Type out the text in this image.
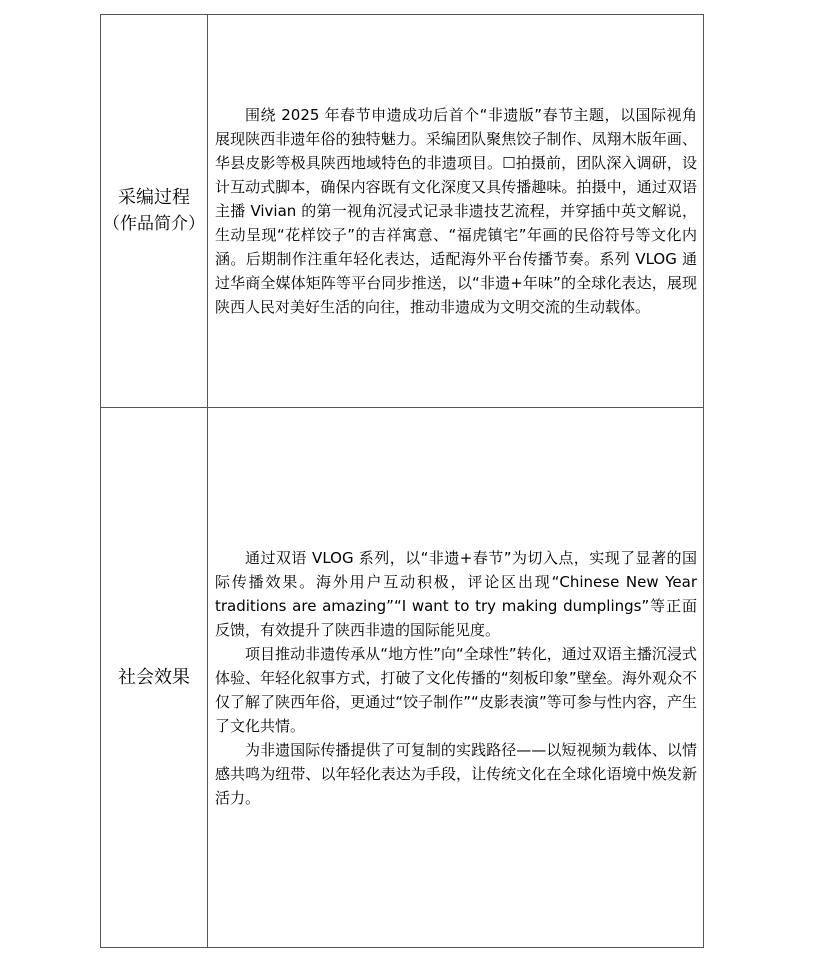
采编过程
（作品简介）	围绕 2025 年春节申遗成功后首个“非遗版”春节主题，以国际视角展现陕西非遗年俗的独特魅力。采编团队聚焦饺子制作、凤翔木版年画、华县皮影等极具陕西地域特色的非遗项目。☐拍摄前，团队深入调研，设计互动式脚本，确保内容既有文化深度又具传播趣味。拍摄中，通过双语主播 Vivian 的第一视角沉浸式记录非遗技艺流程，并穿插中英文解说，生动呈现“花样饺子”的吉祥寓意、“福虎镇宅”年画的民俗符号等文化内涵。后期制作注重年轻化表达，适配海外平台传播节奏。系列 VLOG 通过华商全媒体矩阵等平台同步推送，以“非遗+年味”的全球化表达，展现陕西人民对美好生活的向往，推动非遗成为文明交流的生动载体。

社会效果	通过双语 VLOG 系列，以“非遗+春节”为切入点，实现了显著的国际传播效果。海外用户互动积极，评论区出现“Chinese New Year traditions are amazing”“I want to try making dumplings”等正面反馈，有效提升了陕西非遗的国际能见度。

项目推动非遗传承从“地方性”向“全球性”转化，通过双语主播沉浸式体验、年轻化叙事方式，打破了文化传播的“刻板印象”壁垒。海外观众不仅了解了陕西年俗，更通过“饺子制作”“皮影表演”等可参与性内容，产生了文化共情。

为非遗国际传播提供了可复制的实践路径——以短视频为载体、以情感共鸣为纽带、以年轻化表达为手段，让传统文化在全球化语境中焕发新活力。
